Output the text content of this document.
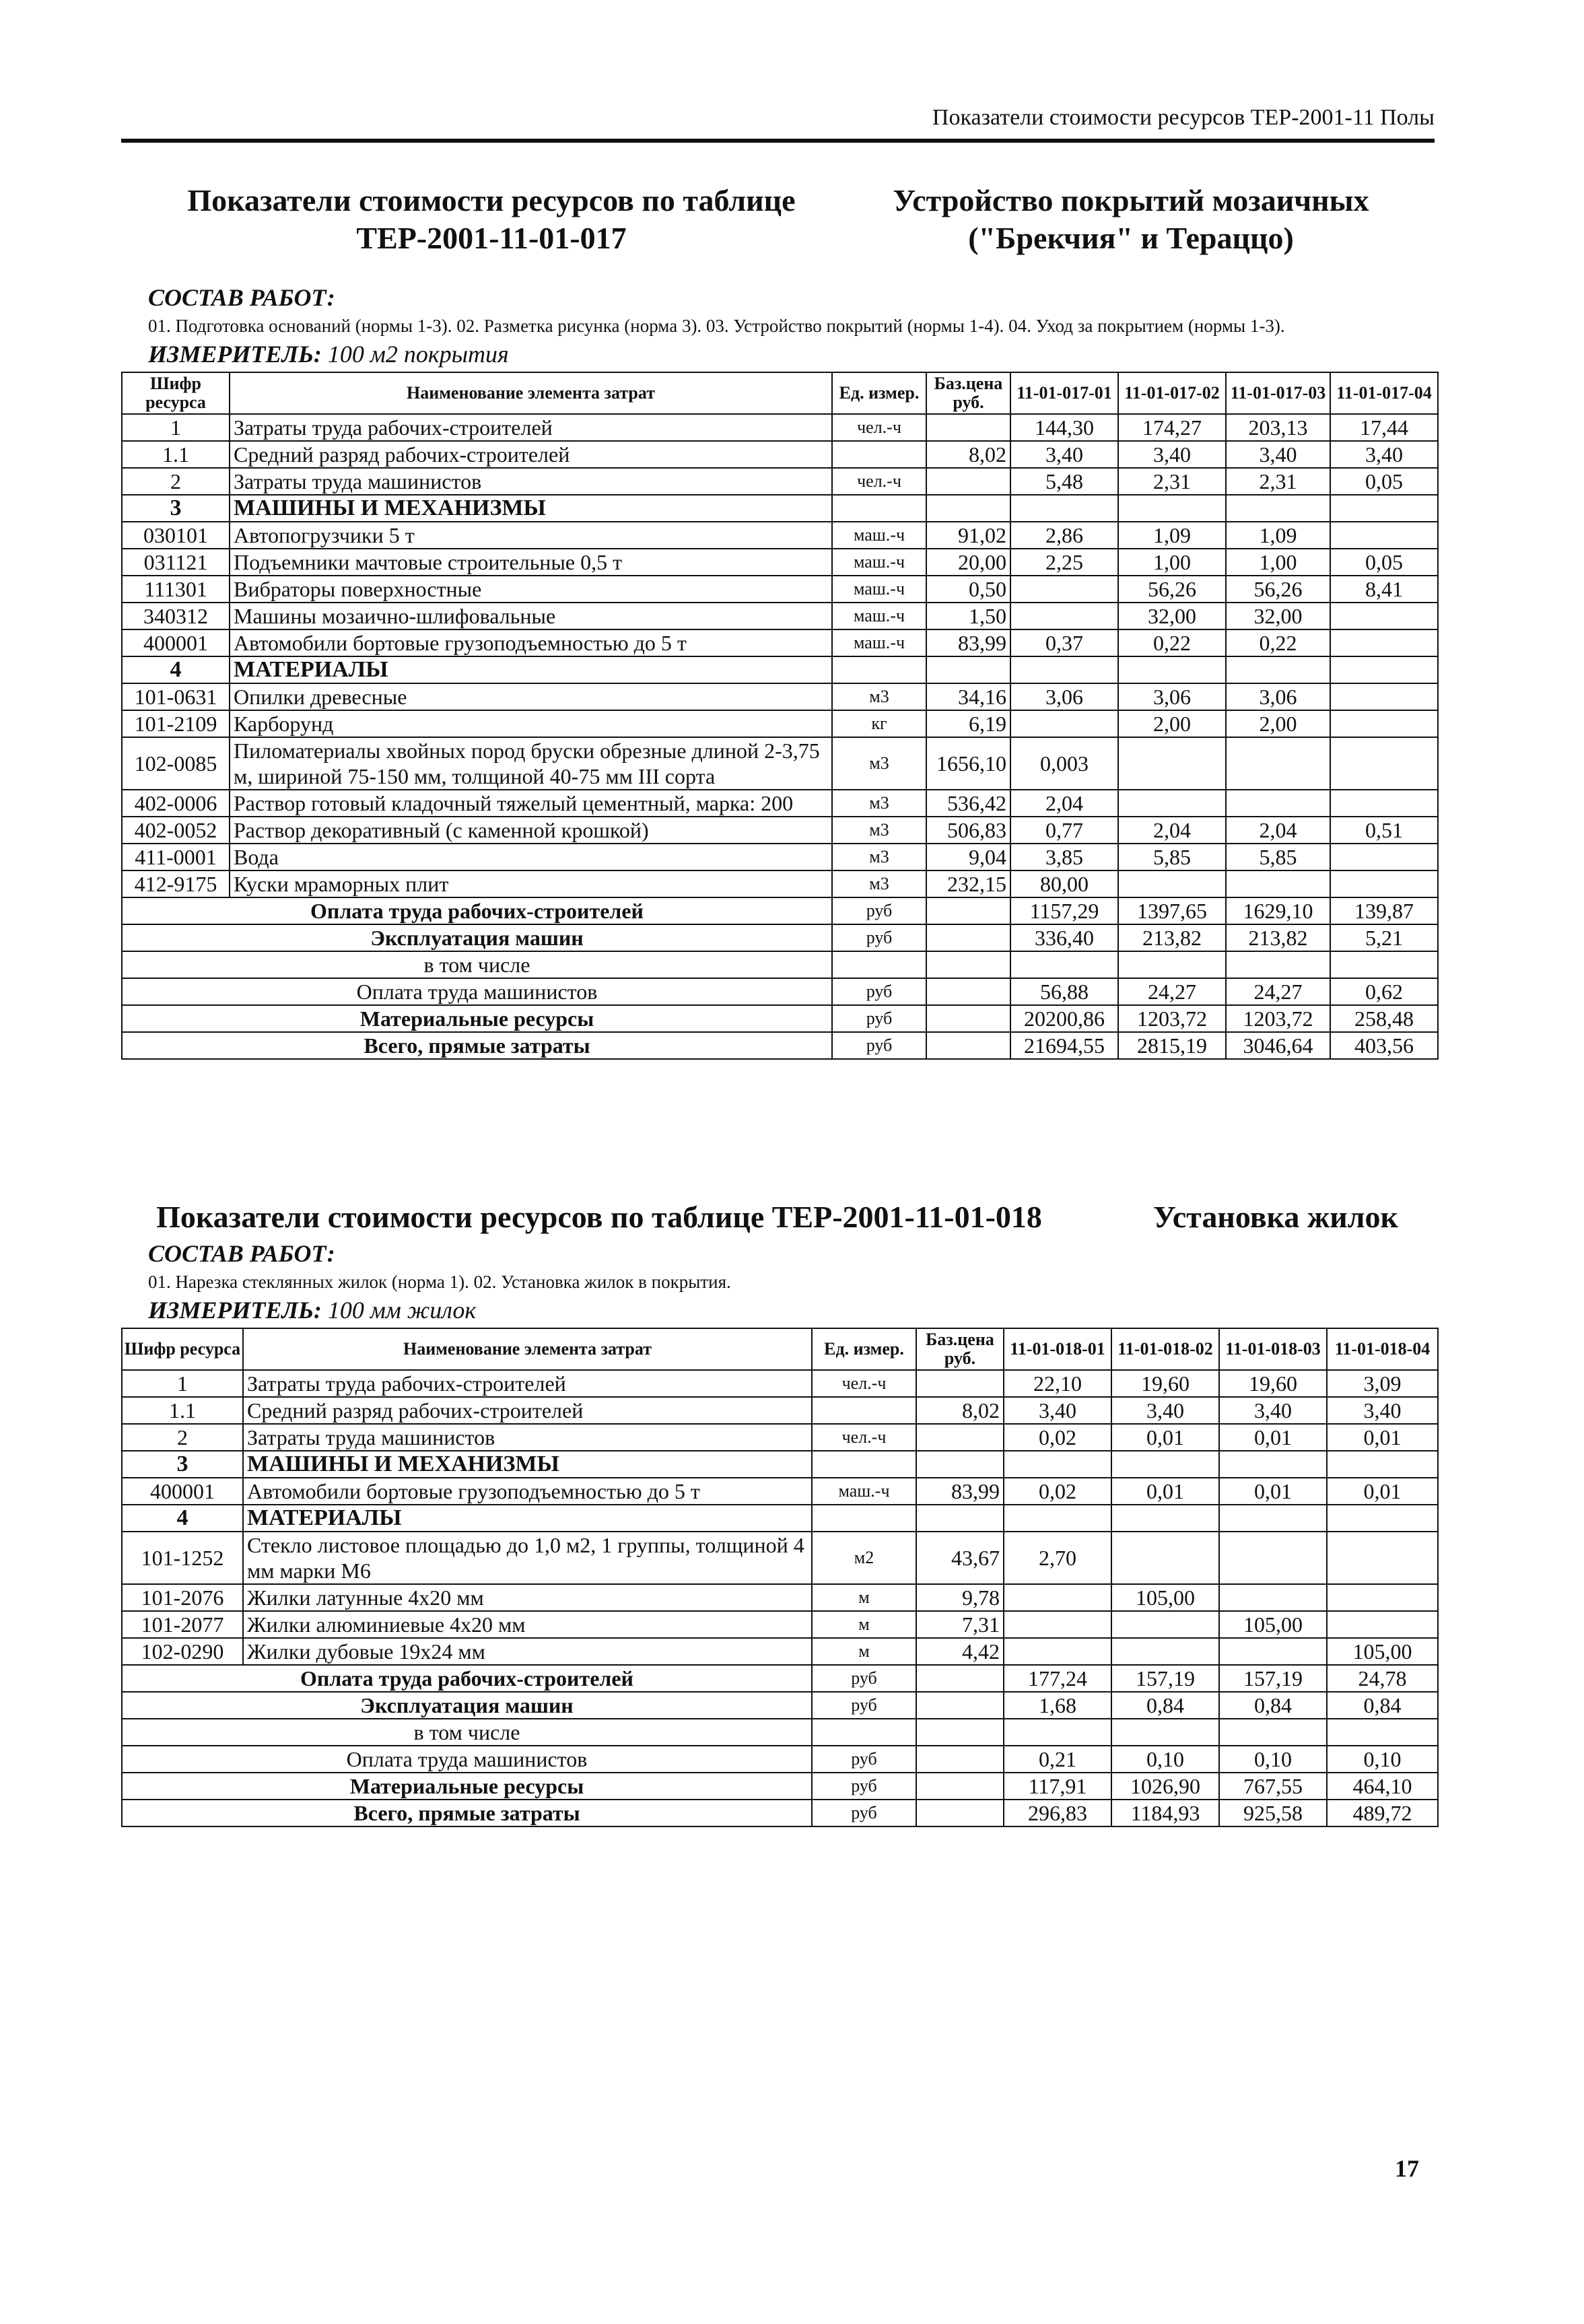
Показатели стоимости ресурсов ТЕР-2001-11 Полы
Показатели стоимости ресурсов по таблице ТЕР-2001-11-01-017
Устройство покрытий мозаичных ("Брекчия" и Тераццо)
СОСТАВ РАБОТ:
01. Подготовка оснований (нормы 1-3). 02. Разметка рисунка (норма 3). 03. Устройство покрытий (нормы 1-4). 04. Уход за покрытием (нормы 1-3).
ИЗМЕРИТЕЛЬ: 100 м2 покрытия
Шифр ресурса	Наименование элемента затрат	Ед. измер.	Баз.цена руб.	11-01-017-01	11-01-017-02	11-01-017-03	11-01-017-04
1	Затраты труда рабочих-строителей	чел.-ч		144,30	174,27	203,13	17,44
1.1	Средний разряд рабочих-строителей		8,02	3,40	3,40	3,40	3,40
2	Затраты труда машинистов	чел.-ч		5,48	2,31	2,31	0,05
3	МАШИНЫ И МЕХАНИЗМЫ						
030101	Автопогрузчики 5 т	маш.-ч	91,02	2,86	1,09	1,09	
031121	Подъемники мачтовые строительные 0,5 т	маш.-ч	20,00	2,25	1,00	1,00	0,05
111301	Вибраторы поверхностные	маш.-ч	0,50		56,26	56,26	8,41
340312	Машины мозаично-шлифовальные	маш.-ч	1,50		32,00	32,00	
400001	Автомобили бортовые грузоподъемностью до 5 т	маш.-ч	83,99	0,37	0,22	0,22	
4	МАТЕРИАЛЫ						
101-0631	Опилки древесные	м3	34,16	3,06	3,06	3,06	
101-2109	Карборунд	кг	6,19		2,00	2,00	
102-0085	Пиломатериалы хвойных пород бруски обрезные длиной 2-3,75 м, шириной 75-150 мм, толщиной 40-75 мм III сорта	м3	1656,10	0,003			
402-0006	Раствор готовый кладочный тяжелый цементный, марка: 200	м3	536,42	2,04			
402-0052	Раствор декоративный (с каменной крошкой)	м3	506,83	0,77	2,04	2,04	0,51
411-0001	Вода	м3	9,04	3,85	5,85	5,85	
412-9175	Куски мраморных плит	м3	232,15	80,00			
Оплата труда рабочих-строителей		руб		1157,29	1397,65	1629,10	139,87
Эксплуатация машин		руб		336,40	213,82	213,82	5,21
в том числе							
Оплата труда машинистов		руб		56,88	24,27	24,27	0,62
Материальные ресурсы		руб		20200,86	1203,72	1203,72	258,48
Всего, прямые затраты		руб		21694,55	2815,19	3046,64	403,56
Показатели стоимости ресурсов по таблице ТЕР-2001-11-01-018	Установка жилок
СОСТАВ РАБОТ:
01. Нарезка стеклянных жилок (норма 1). 02. Установка жилок в покрытия.
ИЗМЕРИТЕЛЬ: 100 мм жилок
Шифр ресурса	Наименование элемента затрат	Ед. измер.	Баз.цена руб.	11-01-018-01	11-01-018-02	11-01-018-03	11-01-018-04
1	Затраты труда рабочих-строителей	чел.-ч		22,10	19,60	19,60	3,09
1.1	Средний разряд рабочих-строителей		8,02	3,40	3,40	3,40	3,40
2	Затраты труда машинистов	чел.-ч		0,02	0,01	0,01	0,01
3	МАШИНЫ И МЕХАНИЗМЫ						
400001	Автомобили бортовые грузоподъемностью до 5 т	маш.-ч	83,99	0,02	0,01	0,01	0,01
4	МАТЕРИАЛЫ						
101-1252	Стекло листовое площадью до 1,0 м2, 1 группы, толщиной 4 мм марки М6	м2	43,67	2,70			
101-2076	Жилки латунные 4х20 мм	м	9,78		105,00		
101-2077	Жилки алюминиевые 4х20 мм	м	7,31			105,00	
102-0290	Жилки дубовые 19х24 мм	м	4,42				105,00
Оплата труда рабочих-строителей		руб		177,24	157,19	157,19	24,78
Эксплуатация машин		руб		1,68	0,84	0,84	0,84
в том числе							
Оплата труда машинистов		руб		0,21	0,10	0,10	0,10
Материальные ресурсы		руб		117,91	1026,90	767,55	464,10
Всего, прямые затраты		руб		296,83	1184,93	925,58	489,72
17
